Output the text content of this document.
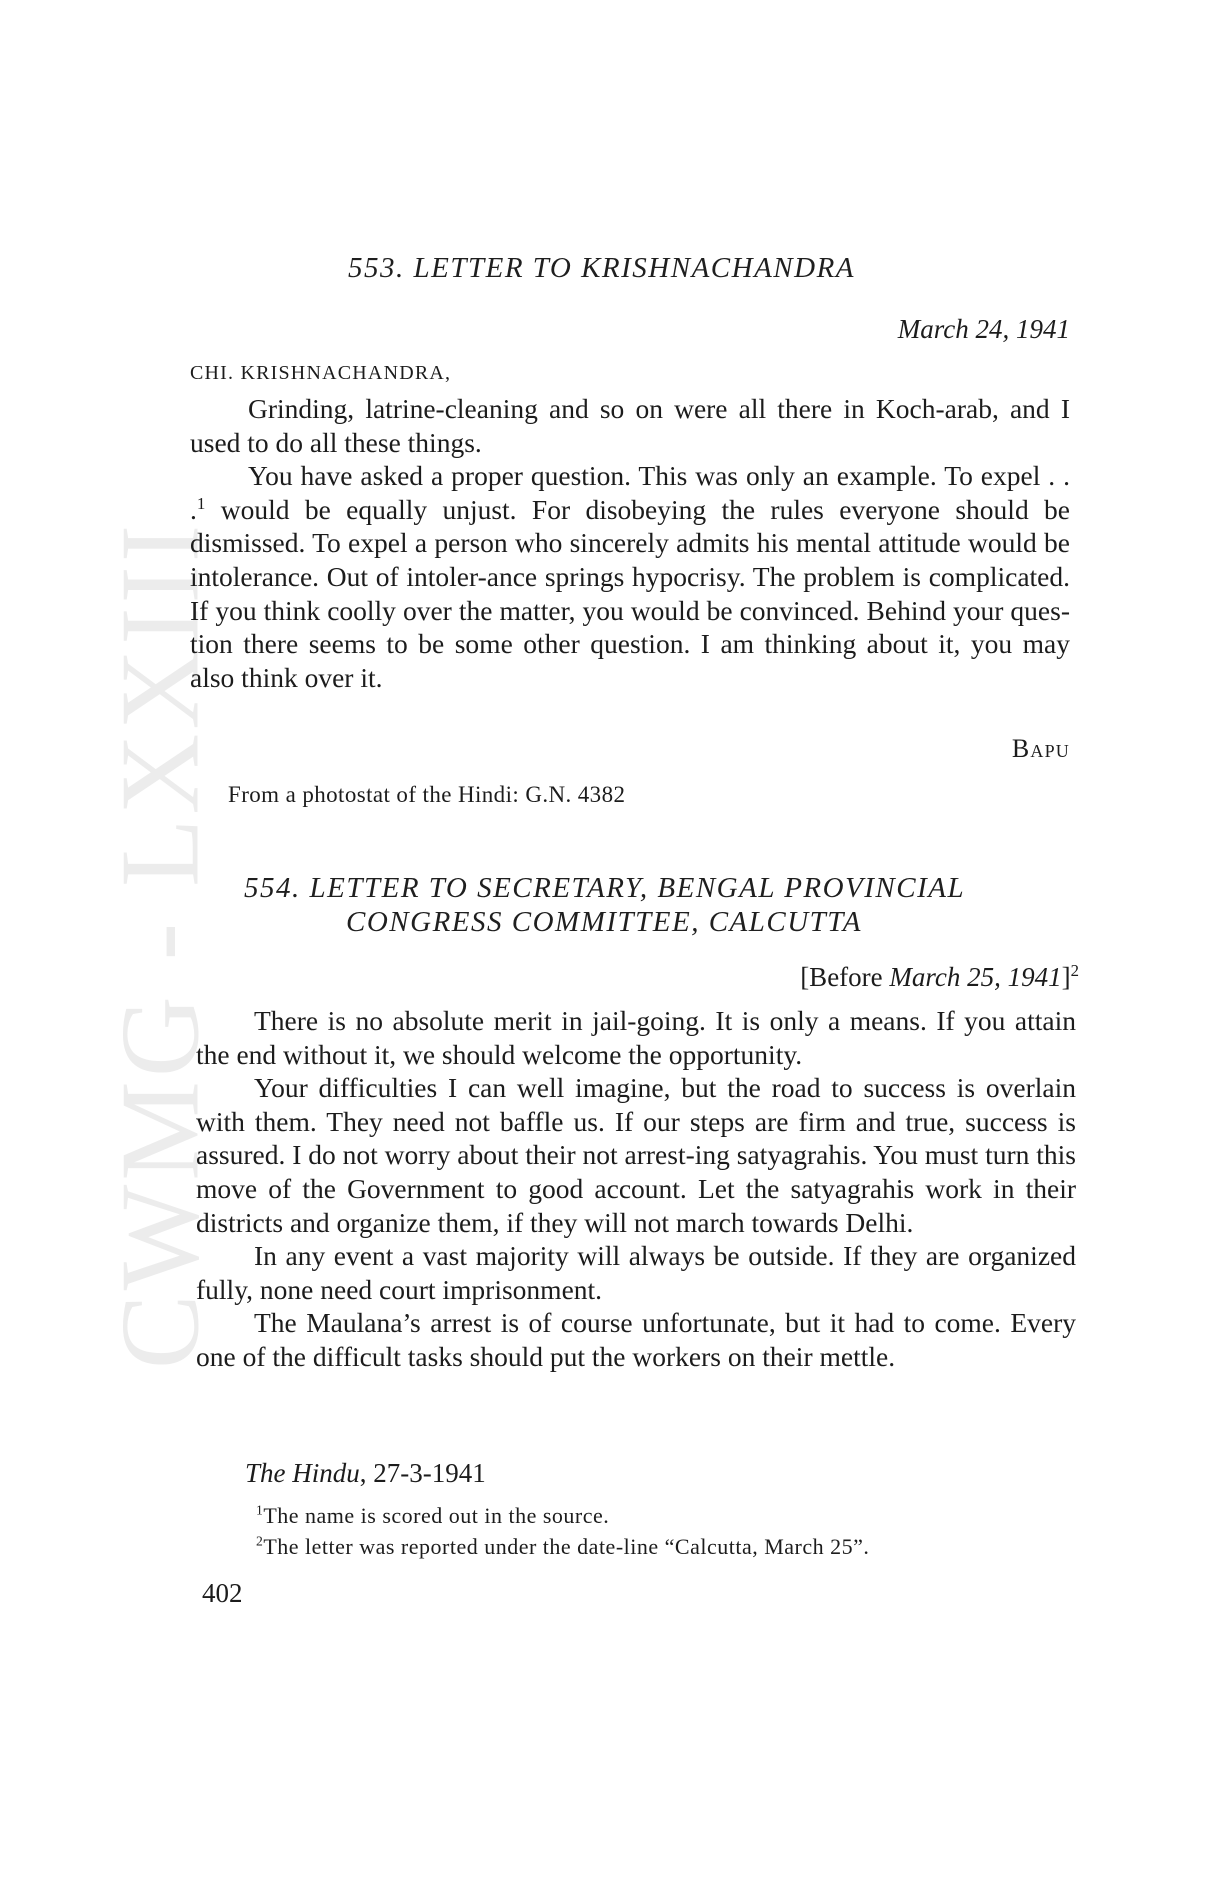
CWMG - LXXIII
553. LETTER TO KRISHNACHANDRA
March 24, 1941
CHI. KRISHNACHANDRA,

Grinding, latrine-cleaning and so on were all there in Koch-arab, and I used to do all these things.

You have asked a proper question. This was only an example. To expel . . .$^1$ would be equally unjust. For disobeying the rules everyone should be dismissed. To expel a person who sincerely admits his mental attitude would be intolerance. Out of intoler-ance springs hypocrisy. The problem is complicated. If you think coolly over the matter, you would be convinced. Behind your ques-tion there seems to be some other question. I am thinking about it, you may also think over it.

Bapu
From a photostat of the Hindi: G.N. 4382
554. LETTER TO SECRETARY, BENGAL PROVINCIAL
CONGRESS COMMITTEE, CALCUTTA
[Before March 25, 1941]$^2$

There is no absolute merit in jail-going. It is only a means. If you attain the end without it, we should welcome the opportunity.

Your difficulties I can well imagine, but the road to success is overlain with them. They need not baffle us. If our steps are firm and true, success is assured. I do not worry about their not arrest-ing satyagrahis. You must turn this move of the Government to good account. Let the satyagrahis work in their districts and organize them, if they will not march towards Delhi.

In any event a vast majority will always be outside. If they are organized fully, none need court imprisonment.

The Maulana’s arrest is of course unfortunate, but it had to come. Every one of the difficult tasks should put the workers on their mettle.

The Hindu, 27-3-1941
$^1$The name is scored out in the source.
$^2$The letter was reported under the date-line “Calcutta, March 25”.
402
